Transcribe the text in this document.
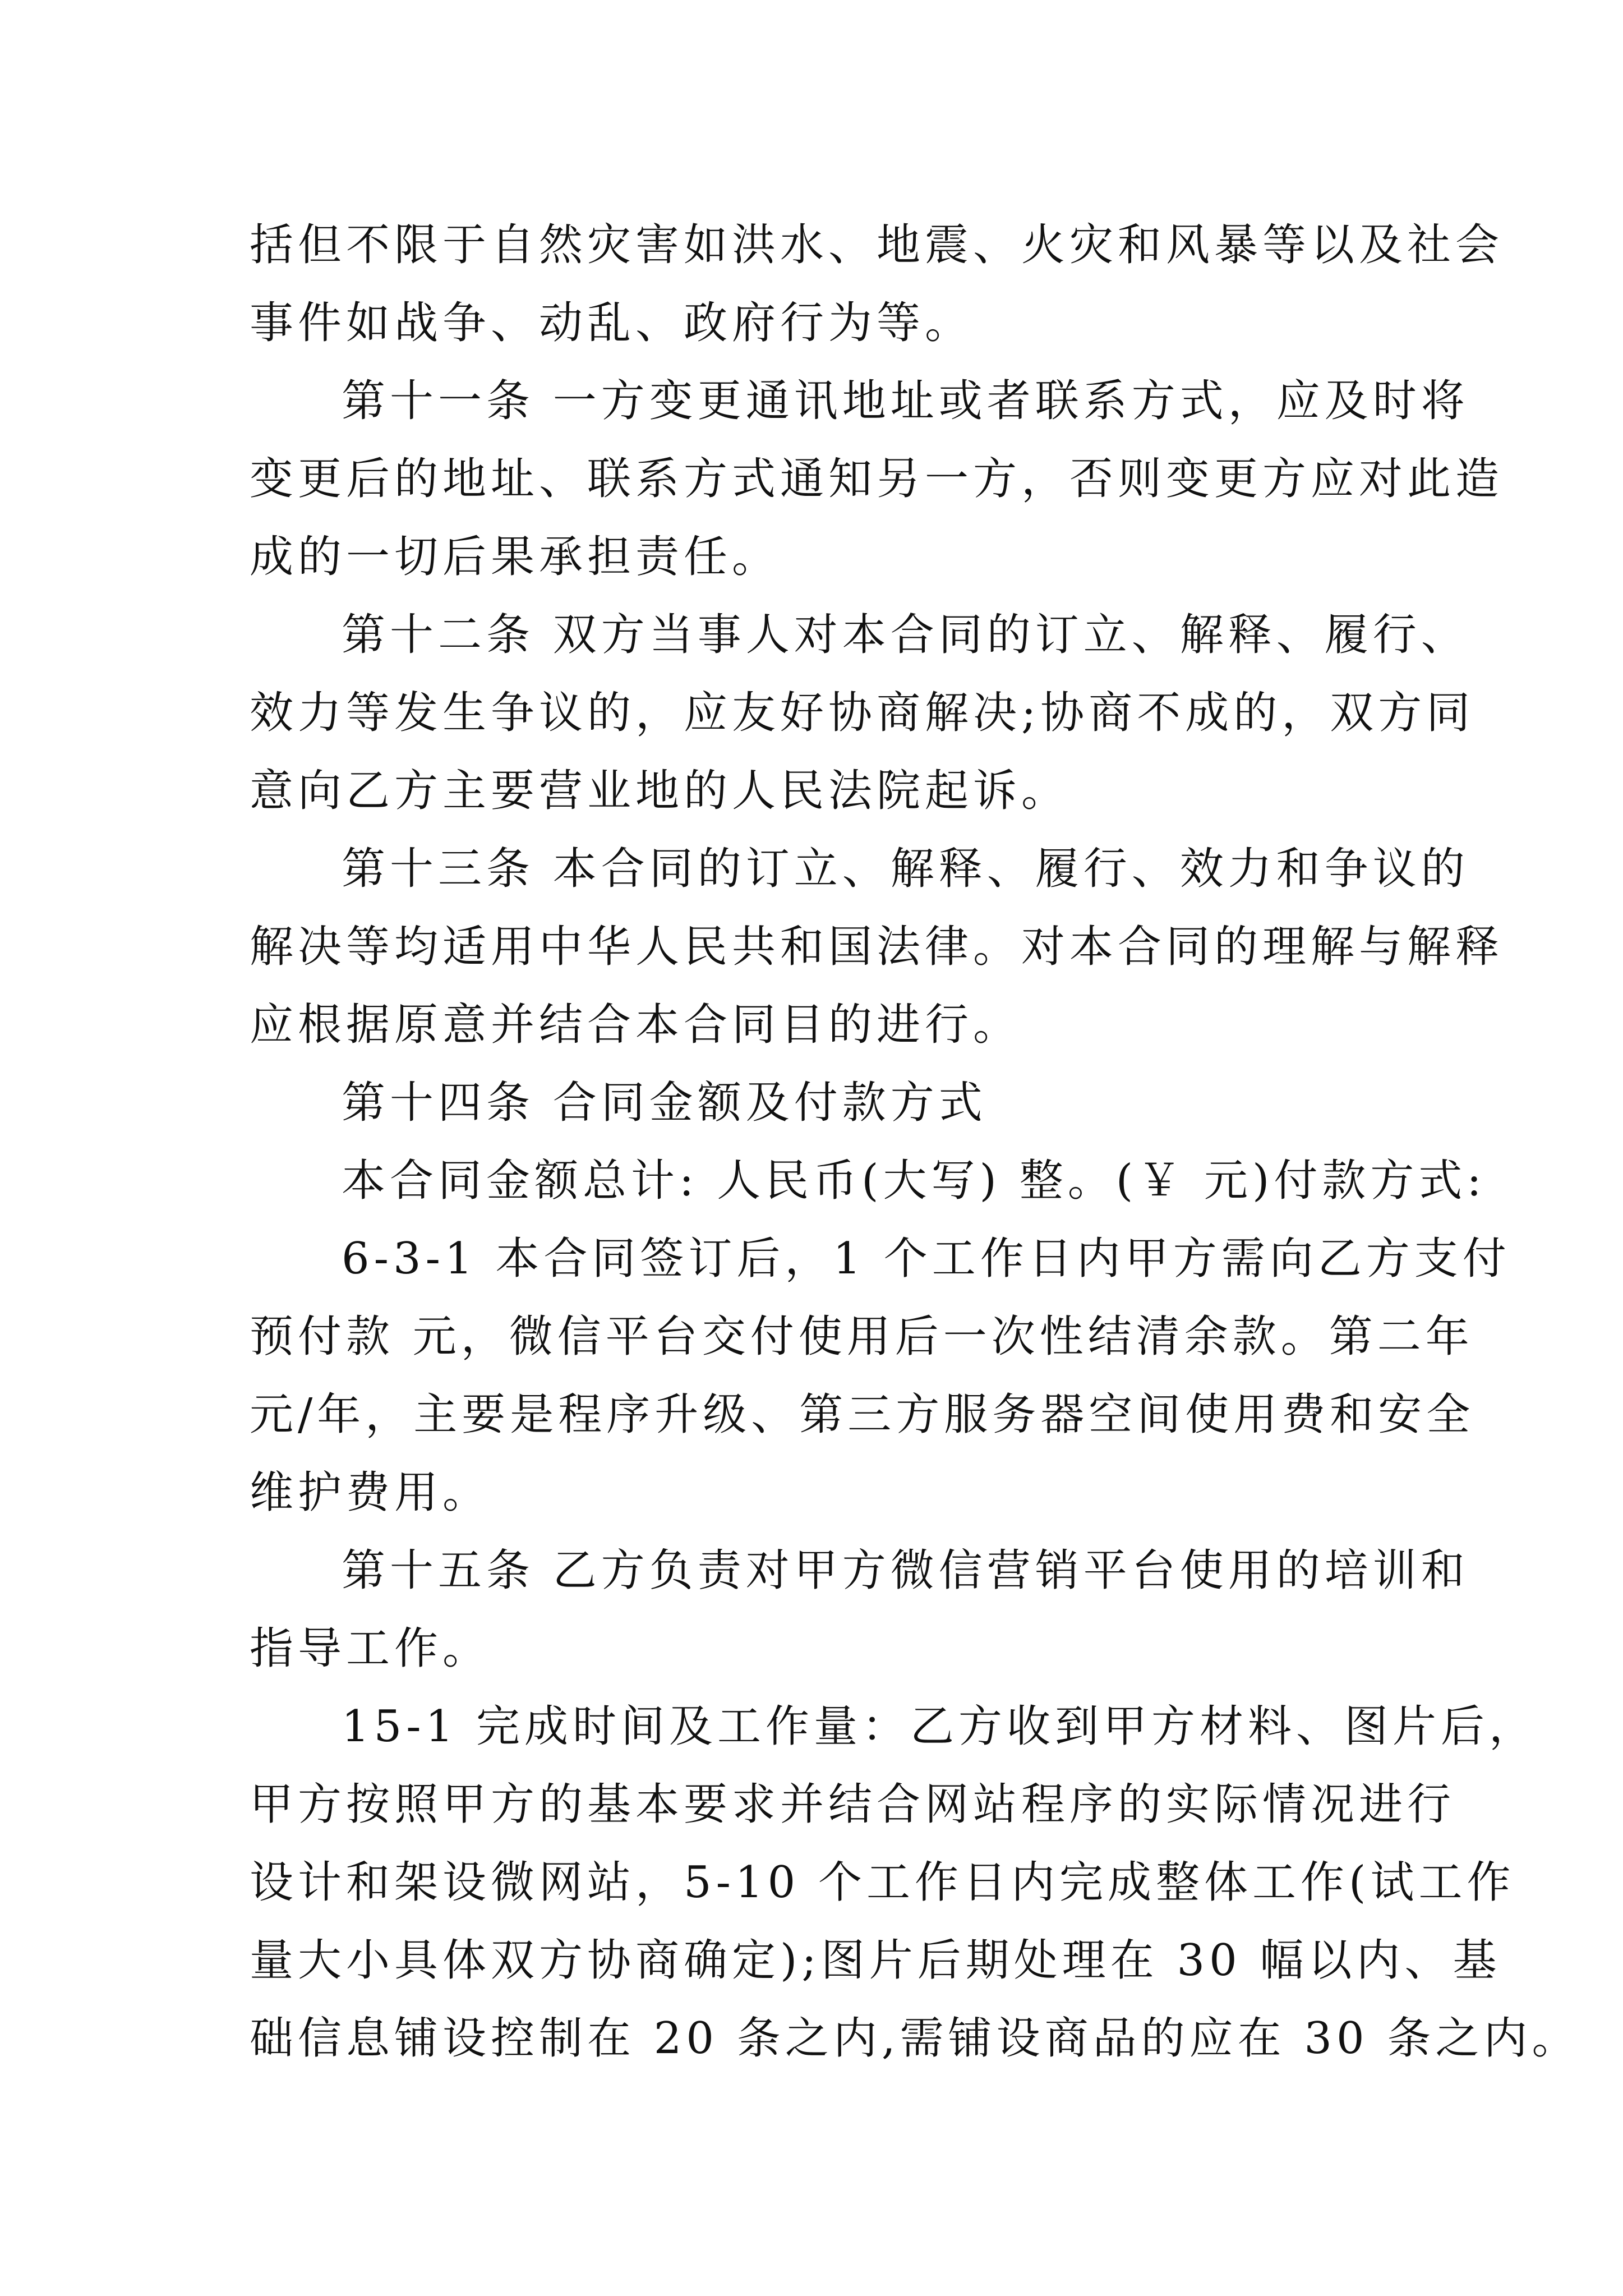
括但不限于自然灾害如洪水、地震、火灾和风暴等以及社会
事件如战争、动乱、政府行为等。
第十一条 一方变更通讯地址或者联系方式，应及时将
变更后的地址、联系方式通知另一方，否则变更方应对此造
成的一切后果承担责任。
第十二条 双方当事人对本合同的订立、解释、履行、
效力等发生争议的，应友好协商解决;协商不成的，双方同
意向乙方主要营业地的人民法院起诉。
第十三条 本合同的订立、解释、履行、效力和争议的
解决等均适用中华人民共和国法律。对本合同的理解与解释
应根据原意并结合本合同目的进行。
第十四条 合同金额及付款方式
本合同金额总计: 人民币(大写) 整。(￥ 元)付款方式:
6-3-1 本合同签订后，1 个工作日内甲方需向乙方支付
预付款 元，微信平台交付使用后一次性结清余款。第二年
元/年，主要是程序升级、第三方服务器空间使用费和安全
维护费用。
第十五条 乙方负责对甲方微信营销平台使用的培训和
指导工作。
15-1 完成时间及工作量：乙方收到甲方材料、图片后，
甲方按照甲方的基本要求并结合网站程序的实际情况进行
设计和架设微网站，5-10 个工作日内完成整体工作(试工作
量大小具体双方协商确定);图片后期处理在 30 幅以内、基
础信息铺设控制在 20 条之内,需铺设商品的应在 30 条之内。
